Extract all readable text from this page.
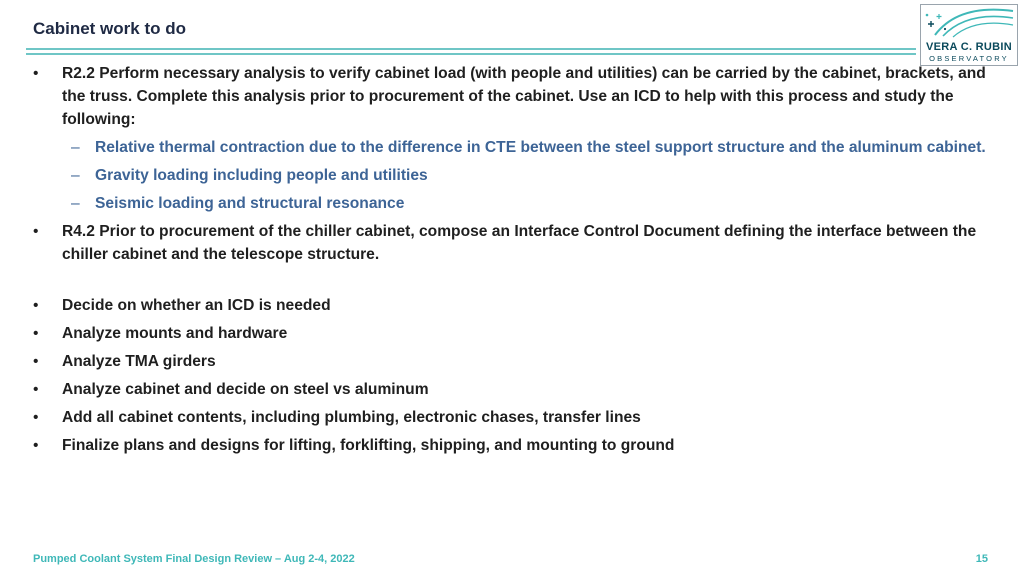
Cabinet work to do
VERA C. RUBIN
OBSERVATORY
• R2.2 Perform necessary analysis to verify cabinet load (with people and utilities) can be carried by the cabinet, brackets, and the truss. Complete this analysis prior to procurement of the cabinet. Use an ICD to help with this process and study the following:
– Relative thermal contraction due to the difference in CTE between the steel support structure and the aluminum cabinet.
– Gravity loading including people and utilities
– Seismic loading and structural resonance
• R4.2 Prior to procurement of the chiller cabinet, compose an Interface Control Document defining the interface between the chiller cabinet and the telescope structure.
• Decide on whether an ICD is needed
• Analyze mounts and hardware
• Analyze TMA girders
• Analyze cabinet and decide on steel vs aluminum
• Add all cabinet contents, including plumbing, electronic chases, transfer lines
• Finalize plans and designs for lifting, forklifting, shipping, and mounting to ground
Pumped Coolant System Final Design Review – Aug 2-4, 2022	15
